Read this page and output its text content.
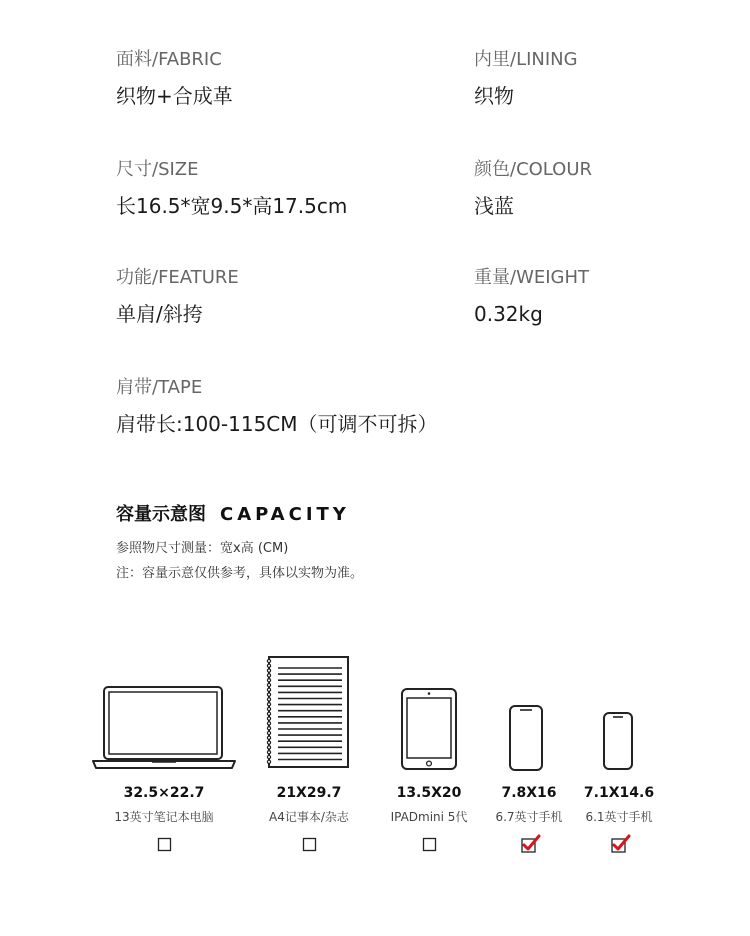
面料/FABRIC
织物+合成革
内里/LINING
织物
尺寸/SIZE
长16.5*宽9.5*高17.5cm
颜色/COLOUR
浅蓝
功能/FEATURE
单肩/斜挎
重量/WEIGHT
0.32kg
肩带/TAPE
肩带长:100-115CM（可调不可拆）
容量示意图 CAPACITY
参照物尺寸测量：宽x高 (CM)
注：容量示意仅供参考，具体以实物为准。
32.5×22.7	21X29.7	13.5X20	7.8X16	7.1X14.6
13英寸笔记本电脑	A4记事本/杂志	IPADmini 5代	6.7英寸手机	6.1英寸手机
